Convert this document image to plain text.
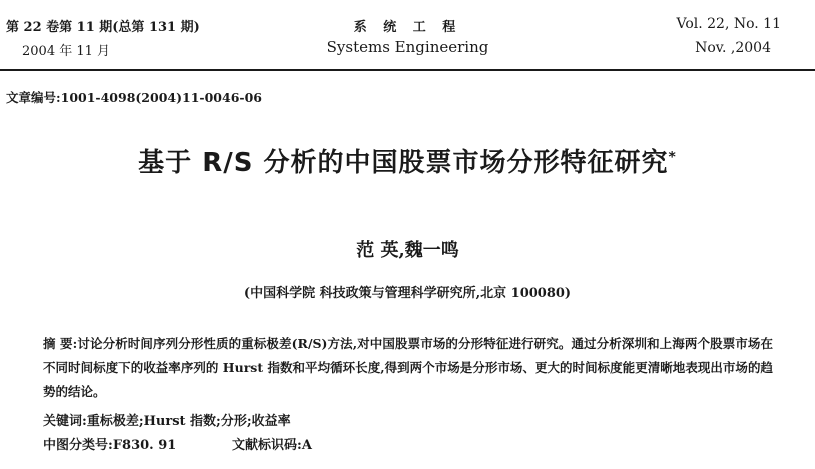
第 22 卷第 11 期(总第 131 期)
2004 年 11 月
系 统 工 程
Systems Engineering
Vol. 22, No. 11
Nov. ,2004
文章编号:1001-4098(2004)11-0046-06
基于 R/S 分析的中国股票市场分形特征研究*
范 英,魏一鸣
(中国科学院 科技政策与管理科学研究所,北京 100080)
摘 要:讨论分析时间序列分形性质的重标极差(R/S)方法,对中国股票市场的分形特征进行研究。通过分析深圳和上海两个股票市场在不同时间标度下的收益率序列的 Hurst 指数和平均循环长度,得到两个市场是分形市场、更大的时间标度能更清晰地表现出市场的趋势的结论。
关键词:重标极差;Hurst 指数;分形;收益率
中图分类号:F830. 91	文献标识码:A
